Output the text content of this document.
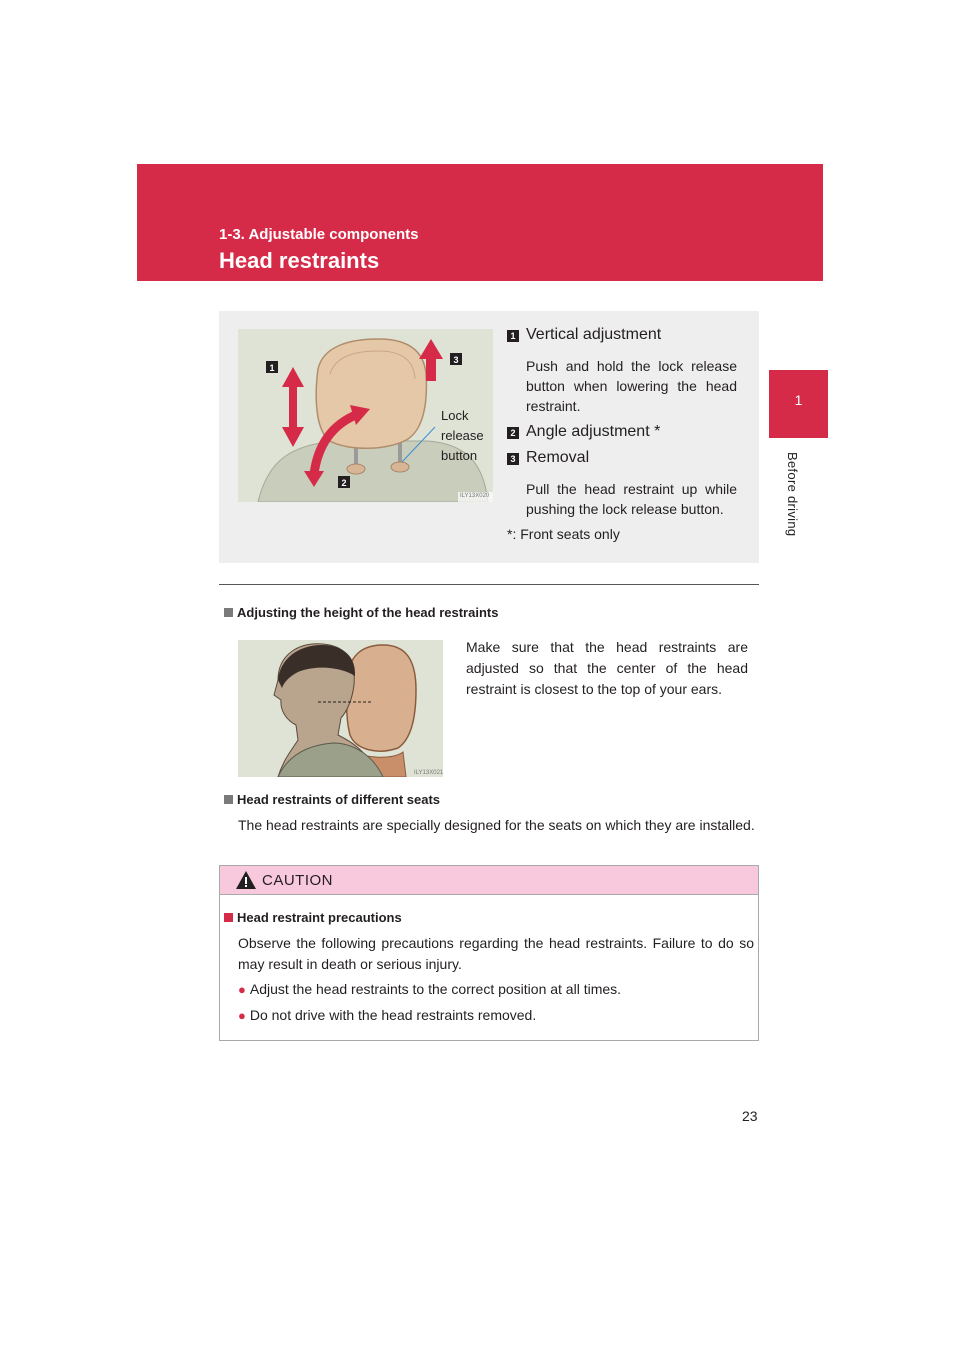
1-3. Adjustable components
Head restraints
1
Before driving
1
3
2
ILY13X020
Lock
release
button
1 Vertical adjustment
Push and hold the lock release button when lowering the head restraint.
2 Angle adjustment *
3 Removal
Pull the head restraint up while pushing the lock release button.
*: Front seats only
Adjusting the height of the head restraints
ILY13X021
Make sure that the head restraints are adjusted so that the center of the head restraint is closest to the top of your ears.
Head restraints of different seats
The head restraints are specially designed for the seats on which they are installed.
CAUTION
Head restraint precautions
Observe the following precautions regarding the head restraints. Failure to do so may result in death or serious injury.
● Adjust the head restraints to the correct position at all times.
● Do not drive with the head restraints removed.
23
